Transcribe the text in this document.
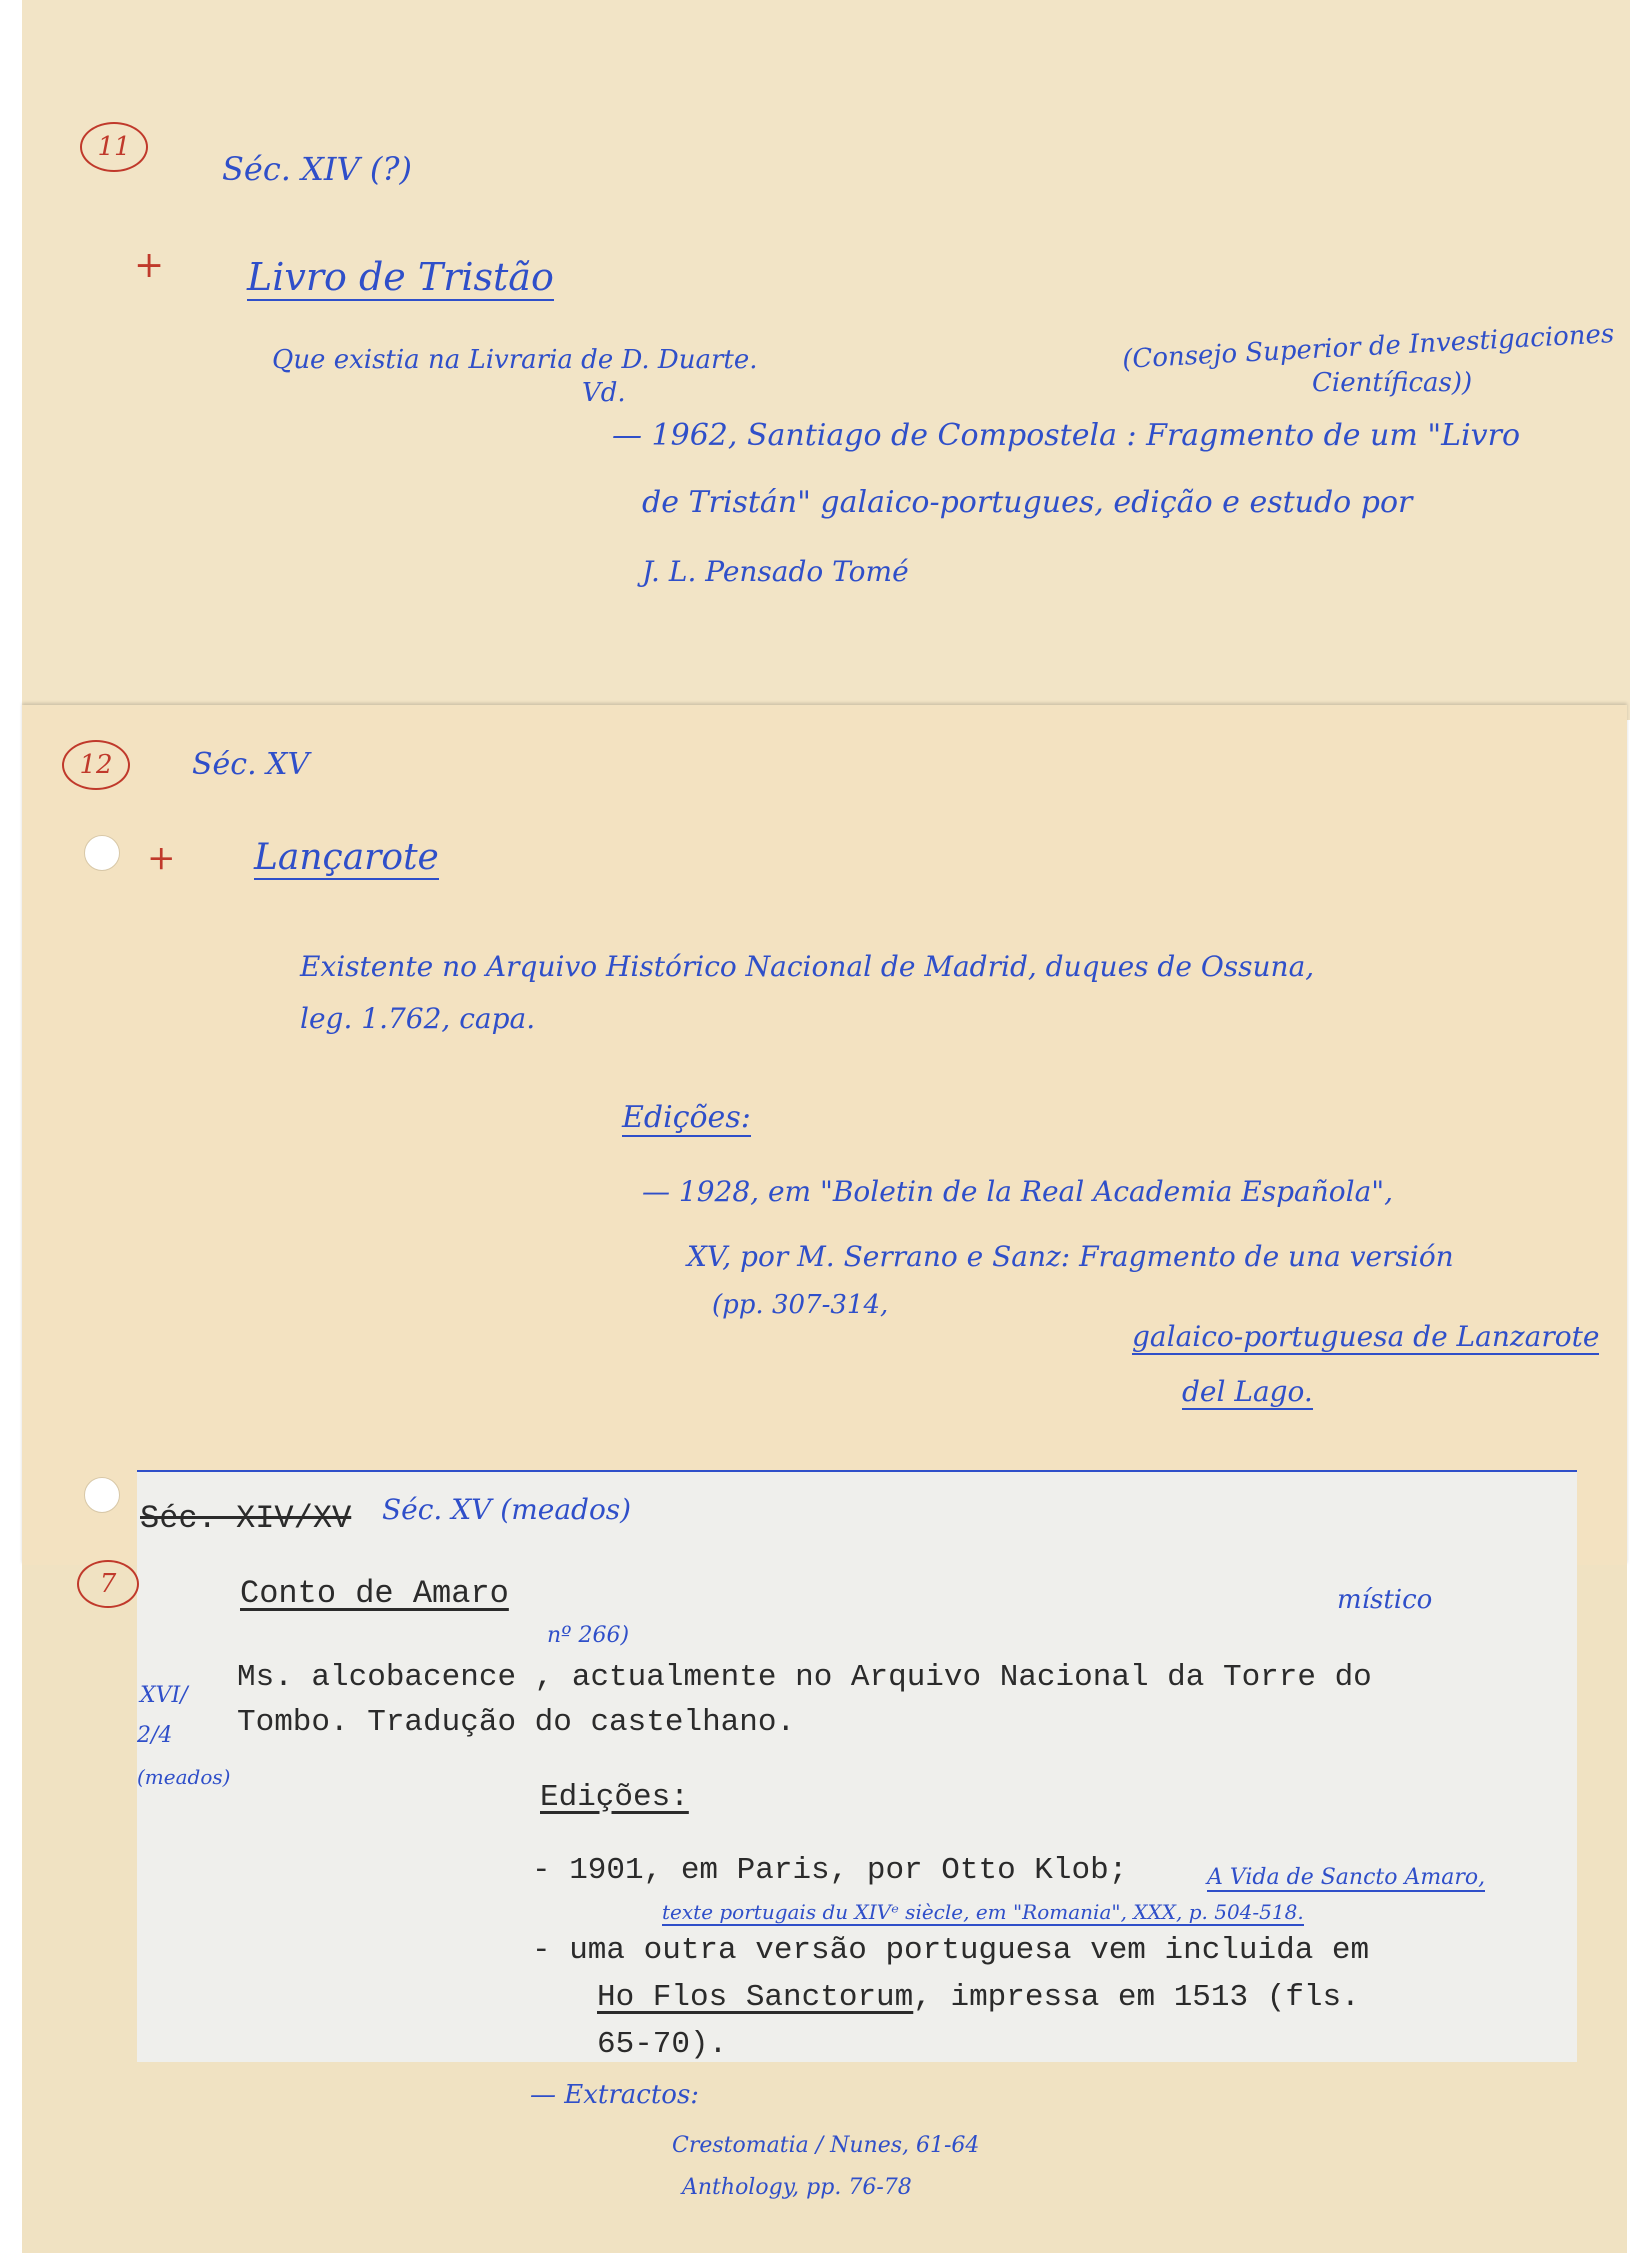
11
Séc. XIV (?)
+ Livro de Tristão
Que existia na Livraria de D. Duarte.
Vd.
(Consejo Superior de Investigaciones
Científicas))
— 1962, Santiago de Compostela : Fragmento de um "Livro
de Tristán" galaico-portugues, edição e estudo por
J. L. Pensado Tomé
12	Séc. XV
+ Lançarote
Existente no Arquivo Histórico Nacional de Madrid, duques de Ossuna,
leg. 1.762, capa.
Edições:
— 1928, em "Boletin de la Real Academia Española",
XV, por M. Serrano e Sanz: Fragmento de una versión
(pp. 307-314,
galaico-portuguesa de Lanzarote
del Lago.
Séc. XIV/XV Séc. XV (meados)
7	Conto de Amaro	místico
nº 266)
Ms. alcobacence , actualmente no Arquivo Nacional da Torre do
Tombo. Tradução do castelhano.
XVI/
2/4
(meados)
Edições:
- 1901, em Paris, por Otto Klob;	A Vida de Sancto Amaro,
texte portugais du XIVᵉ siècle, em "Romania", XXX, p. 504-518.
- uma outra versão portuguesa vem incluida em
Ho Flos Sanctorum, impressa em 1513 (fls.
65-70).
— Extractos:
Crestomatia / Nunes, 61-64
Anthology, pp. 76-78
